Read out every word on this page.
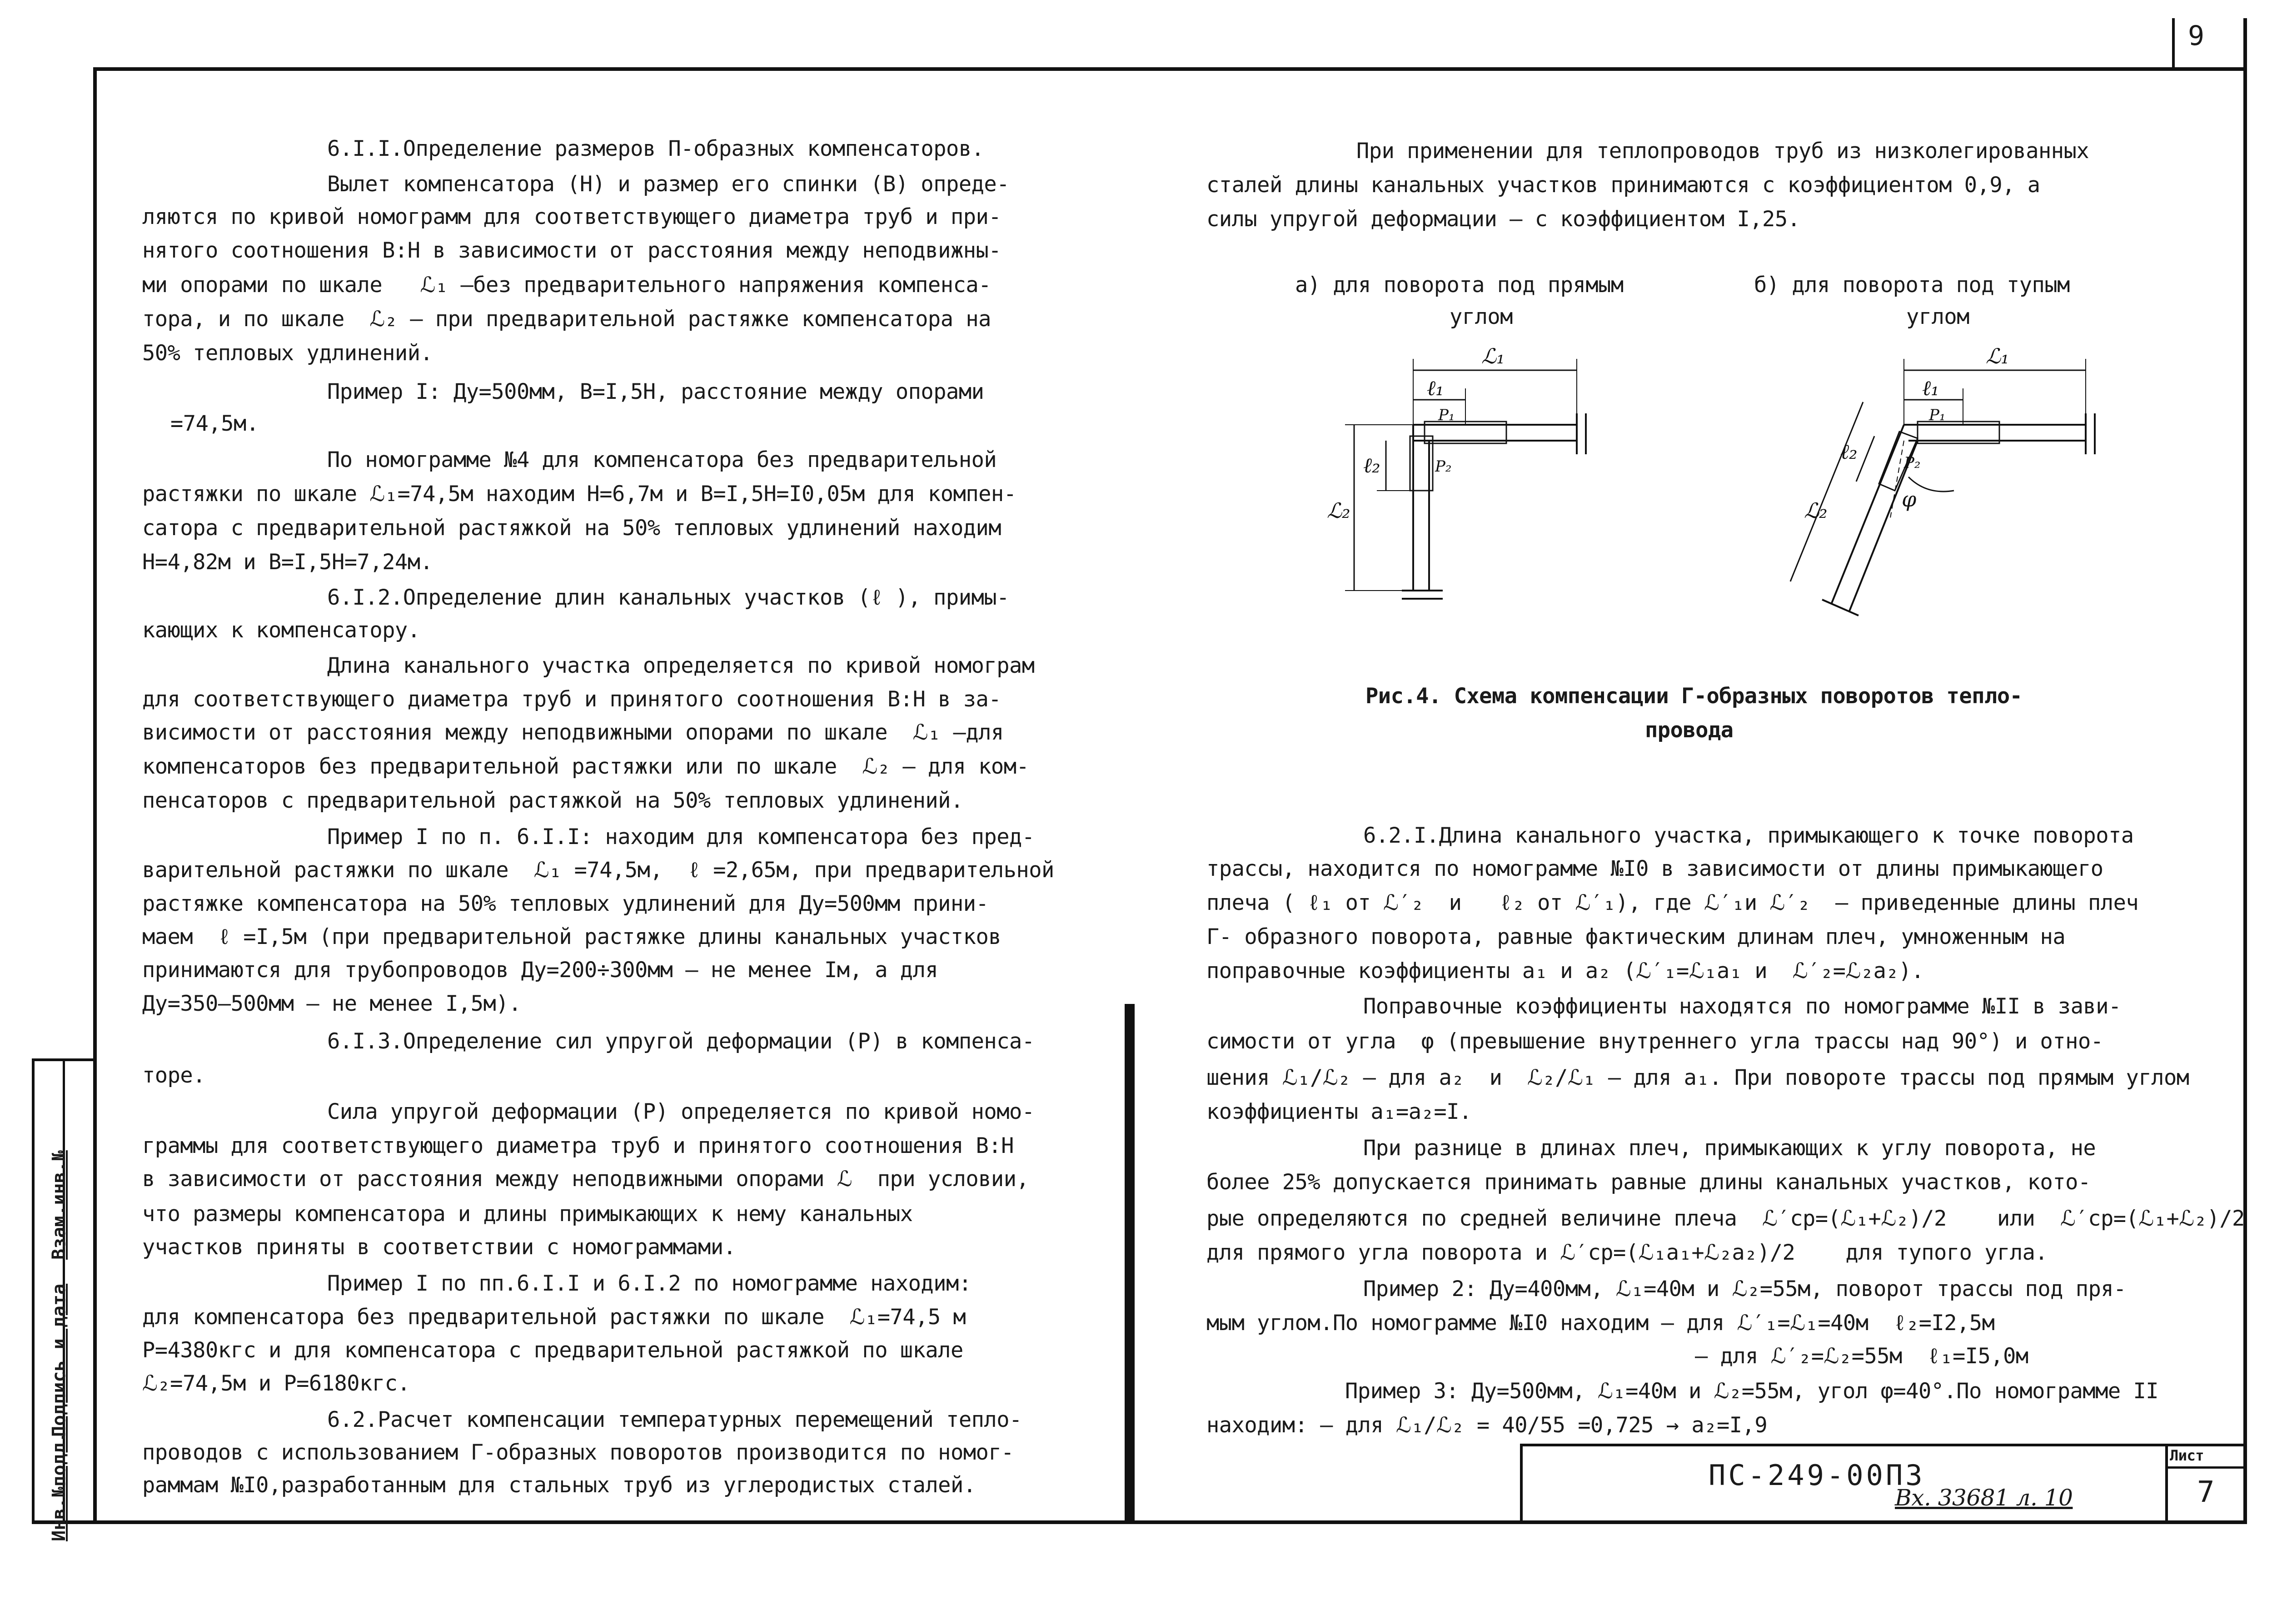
9
Инв.№подл.
Подпись и дата
Взам.инв.№
6.I.I.Определение размеров П-образных компенсаторов.
Вылет компенсатора (Н) и размер его спинки (В) опреде-
ляются по кривой номограмм для соответствующего диаметра труб и при-
нятого соотношения В:Н в зависимости от расстояния между неподвижны-
ми опорами по шкале   ℒ₁ –без предварительного напряжения компенса-
тора, и по шкале  ℒ₂ – при предварительной растяжке компенсатора на
50% тепловых удлинений.
Пример I: Ду=500мм, В=I,5Н, расстояние между опорами
=74,5м.
По номограмме №4 для компенсатора без предварительной
растяжки по шкале ℒ₁=74,5м находим Н=6,7м и В=I,5Н=I0,05м для компен-
сатора с предварительной растяжкой на 50% тепловых удлинений находим
Н=4,82м и В=I,5Н=7,24м.
6.I.2.Определение длин канальных участков (ℓ ), примы-
кающих к компенсатору.
Длина канального участка определяется по кривой номограм
для соответствующего диаметра труб и принятого соотношения В:Н в за-
висимости от расстояния между неподвижными опорами по шкале  ℒ₁ –для
компенсаторов без предварительной растяжки или по шкале  ℒ₂ – для ком-
пенсаторов с предварительной растяжкой на 50% тепловых удлинений.
Пример I по п. 6.I.I: находим для компенсатора без пред-
варительной растяжки по шкале  ℒ₁ =74,5м,  ℓ =2,65м, при предварительной
растяжке компенсатора на 50% тепловых удлинений для Ду=500мм прини-
маем  ℓ =I,5м (при предварительной растяжке длины канальных участков
принимаются для трубопроводов Ду=200÷300мм – не менее Iм, а для
Ду=350–500мм – не менее I,5м).
6.I.3.Определение сил упругой деформации (Р) в компенса-
торе.
Сила упругой деформации (Р) определяется по кривой номо-
граммы для соответствующего диаметра труб и принятого соотношения В:Н
в зависимости от расстояния между неподвижными опорами ℒ  при условии,
что размеры компенсатора и длины примыкающих к нему канальных
участков приняты в соответствии с номограммами.
Пример I по пп.6.I.I и 6.I.2 по номограмме находим:
для компенсатора без предварительной растяжки по шкале  ℒ₁=74,5 м
Р=4380кгс и для компенсатора с предварительной растяжкой по шкале
ℒ₂=74,5м и Р=6180кгс.
6.2.Расчет компенсации температурных перемещений тепло-
проводов с использованием Г-образных поворотов производится по номог-
раммам №I0,разработанным для стальных труб из углеродистых сталей.
При применении для теплопроводов труб из низколегированных
сталей длины канальных участков принимаются с коэффициентом 0,9, а
силы упругой деформации – с коэффициентом I,25.
а) для поворота под прямым
углом
б) для поворота под тупым
углом
ℒ₁
ℓ₁
P₁
P₂
ℓ₂
ℒ₂
ℒ₁
ℓ₁
P₁
P₂
ℓ₂
ℒ₂	φ
Рис.4. Схема компенсации Г-образных поворотов тепло-
провода
6.2.I.Длина канального участка, примыкающего к точке поворота
трассы, находится по номограмме №I0 в зависимости от длины примыкающего
плеча ( ℓ₁ от ℒ′₂  и   ℓ₂ от ℒ′₁), где ℒ′₁и ℒ′₂  – приведенные длины плеч
Г- образного поворота, равные фактическим длинам плеч, умноженным на
поправочные коэффициенты а₁ и а₂ (ℒ′₁=ℒ₁а₁ и  ℒ′₂=ℒ₂а₂).
Поправочные коэффициенты находятся по номограмме №II в зави-
симости от угла  φ (превышение внутреннего угла трассы над 90°) и отно-
шения ℒ₁/ℒ₂ – для а₂  и  ℒ₂/ℒ₁ – для а₁. При повороте трассы под прямым углом
коэффициенты а₁=а₂=I.
При разнице в длинах плеч, примыкающих к углу поворота, не
более 25% допускается принимать равные длины канальных участков, кото-
рые определяются по средней величине плеча  ℒ′ср=(ℒ₁+ℒ₂)/2    или  ℒ′ср=(ℒ₁+ℒ₂)/2
для прямого угла поворота и ℒ′ср=(ℒ₁а₁+ℒ₂а₂)/2    для тупого угла.
Пример 2: Ду=400мм, ℒ₁=40м и ℒ₂=55м, поворот трассы под пря-
мым углом.По номограмме №I0 находим – для ℒ′₁=ℒ₁=40м  ℓ₂=I2,5м
– для ℒ′₂=ℒ₂=55м  ℓ₁=I5,0м
Пример 3: Ду=500мм, ℒ₁=40м и ℒ₂=55м, угол φ=40°.По номограмме II
находим: – для ℒ₁/ℒ₂ = 40/55 =0,725 → а₂=I,9
ПС-249-00ПЗ
Вх. 33681 л. 10
Лист
7
